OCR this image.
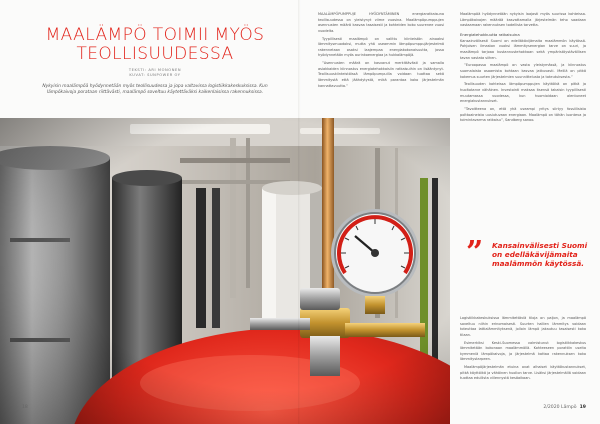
MAALÄMPÖ TOIMII MYÖS
TEOLLISUUDESSA
TEKSTI: ARI MONONEN
KUVAT: SUNPOWER OY

Nykyisin maalämpöä hyödynnetään myös teollisuudessa ja jopa valtavissa logistiikkakeskuksissa. Kun lämpökaivoja porataan riittävästi, maalämpö soveltuu käytettäväksi kaikenlaisissa rakennuksissa.

MAALÄMPÖPUMPPUJE HYÖDYNTÄMINEN energiaratkaisuna teollisuudessa on yleistynyt viime vuosina. Maalämpöpumppujen asennusten määrä kasvaa tasaisesti ja kohteiden koko suurenee vuosi vuodelta.

Tyypillisesti maalämpö on valittu kiinteistön ainoaksi lämmitysmuodoksi, mutta yhä useammin lämpöpumppujärjestelmä rakennetaan osaksi laajempaa energiakokonaisuutta, jossa hyödynnetään myös aurinkoenergiaa ja hukkalämpöjä.

”Asennusten määrä on kasvanut merkittävästi ja samalla asiakkaiden kiinnostus energiatehokkaisiin ratkaisuihin on lisääntynyt. Teollisuuskiinteistöissä lämpöpumpuilla voidaan tuottaa sekä lämmitystä että jäähdytystä, mikä parantaa koko järjestelmän kannattavuutta.”

Maalämpöä hyödynnetään nykyisin laajasti myös suurissa kohteissa. Lämpökaivojen määrää kasvattamalla järjestelmän teho saadaan vastaamaan rakennuksen todellista tarvetta.

Energiatehokkuutta ratkaisuina

Kansainvälisesti Suomi on edelläkävijämaita maalämmön käytössä. Pohjoisen ilmaston vuoksi lämmitysenergian tarve on suuri, ja maalämpö tarjoaa kustannustehokkaan sekä ympäristöystävällisen tavan vastata siihen.

”Euroopassa maalämpö on vasta yleistymässä, ja kiinnostus suomalaista osaamista kohtaan kasvaa jatkuvasti. Meillä on pitkä kokemus suurten järjestelmien suunnittelusta ja toteutuksesta.”

Teollisuuden kohteissa lämpöpumppujen käyttöikä on pitkä ja huoltotarve vähäinen. Investointi maksaa itsensä takaisin tyypillisesti muutamassa vuodessa, kun huomioidaan alentuneet energiakustannukset.

”Tavoitteena on, että yhä useampi yritys siirtyy fossiilisista polttoaineista uusiutuvaan energiaan. Maalämpö on tähän luonteva ja toimintavarma ratkaisu”, Sandberg sanoo.

” Kansainvälisesti Suomi on edelläkävijämaita maalämmön käytössä.

Logistiikkakeskuksissa lämmitettäviä tiloja on paljon, ja maalämpö soveltuu niihin erinomaisesti. Suurten hallien lämmitys voidaan toteuttaa lattialämmityksenä, jolloin lämpö jakautuu tasaisesti koko tilaan.

Esimerkiksi Keski-Suomessa valmistunut logistiikkakeskus lämmitetään kokonaan maalämmöllä. Kohteeseen porattiin useita kymmeniä lämpökaivoja, ja järjestelmä kattaa rakennuksen koko lämmitystarpeen.

Maalämpöjärjestelmän etuina ovat alhaiset käyttökustannukset, pitkä käyttöikä ja vähäinen huollon tarve. Lisäksi järjestelmällä voidaan tuottaa edullista viilennystä kesäaikaan.

18	2/2020 Lämpö 19
